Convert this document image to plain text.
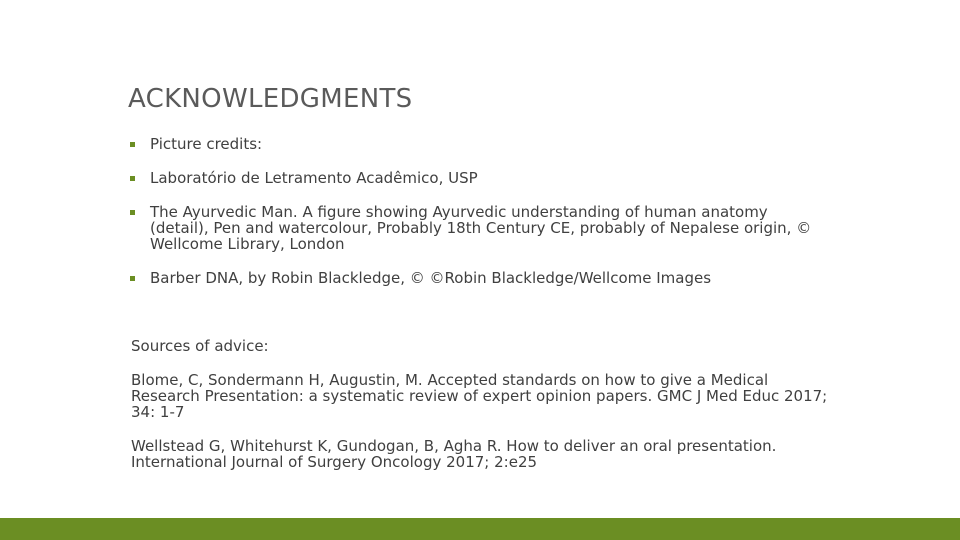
ACKNOWLEDGMENTS
Picture credits:
Laboratório de Letramento Acadêmico, USP
The Ayurvedic Man. A figure showing Ayurvedic understanding of human anatomy (detail), Pen and watercolour, Probably 18th Century CE, probably of Nepalese origin, © Wellcome Library, London
Barber DNA, by Robin Blackledge, © ©Robin Blackledge/Wellcome Images

Sources of advice:

Blome, C, Sondermann H, Augustin, M. Accepted standards on how to give a Medical Research Presentation: a systematic review of expert opinion papers. GMC J Med Educ 2017; 34: 1-7

Wellstead G, Whitehurst K, Gundogan, B, Agha R. How to deliver an oral presentation. International Journal of Surgery Oncology 2017; 2:e25
